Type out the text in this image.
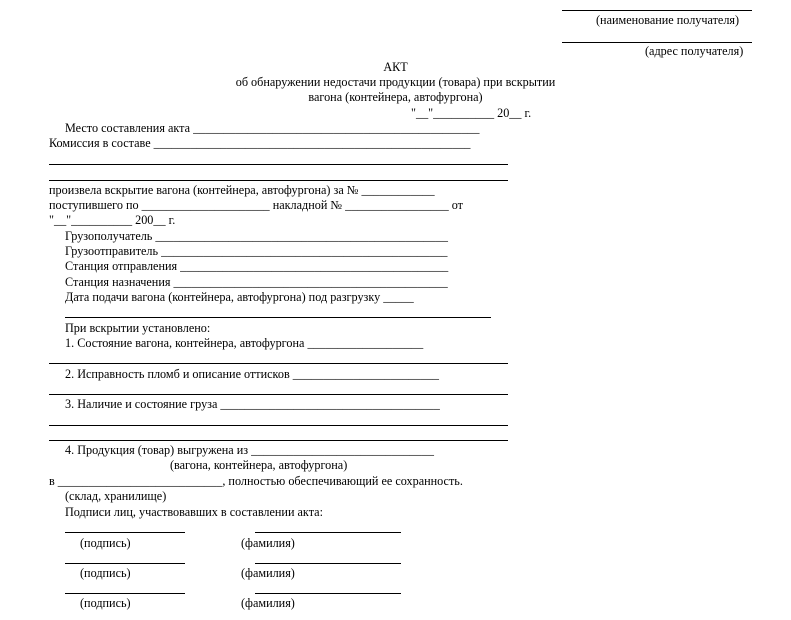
(наименование получателя)
(адрес получателя)
АКТ
об обнаружении недостачи продукции (товара) при вскрытии
вагона (контейнера, автофургона)
"__"__________ 20__ г.
Место составления акта _______________________________________________
Комиссия в составе ____________________________________________________
произвела вскрытие вагона (контейнера, автофургона) за № ____________
поступившего по _____________________ накладной № _________________ от
"__"__________ 200__ г.
Грузополучатель ________________________________________________
Грузоотправитель _______________________________________________
Станция отправления ____________________________________________
Станция назначения _____________________________________________
Дата подачи вагона (контейнера, автофургона) под разгрузку _____
При вскрытии установлено:
1. Состояние вагона, контейнера, автофургона ___________________
2. Исправность пломб и описание оттисков ________________________
3. Наличие и состояние груза ____________________________________
4. Продукция (товар) выгружена из ______________________________
(вагона, контейнера, автофургона)
в ___________________________, полностью обеспечивающий ее сохранность.
(склад, хранилище)
Подписи лиц, участвовавших в составлении акта:
(подпись)	(фамилия)
(подпись)	(фамилия)
(подпись)	(фамилия)
